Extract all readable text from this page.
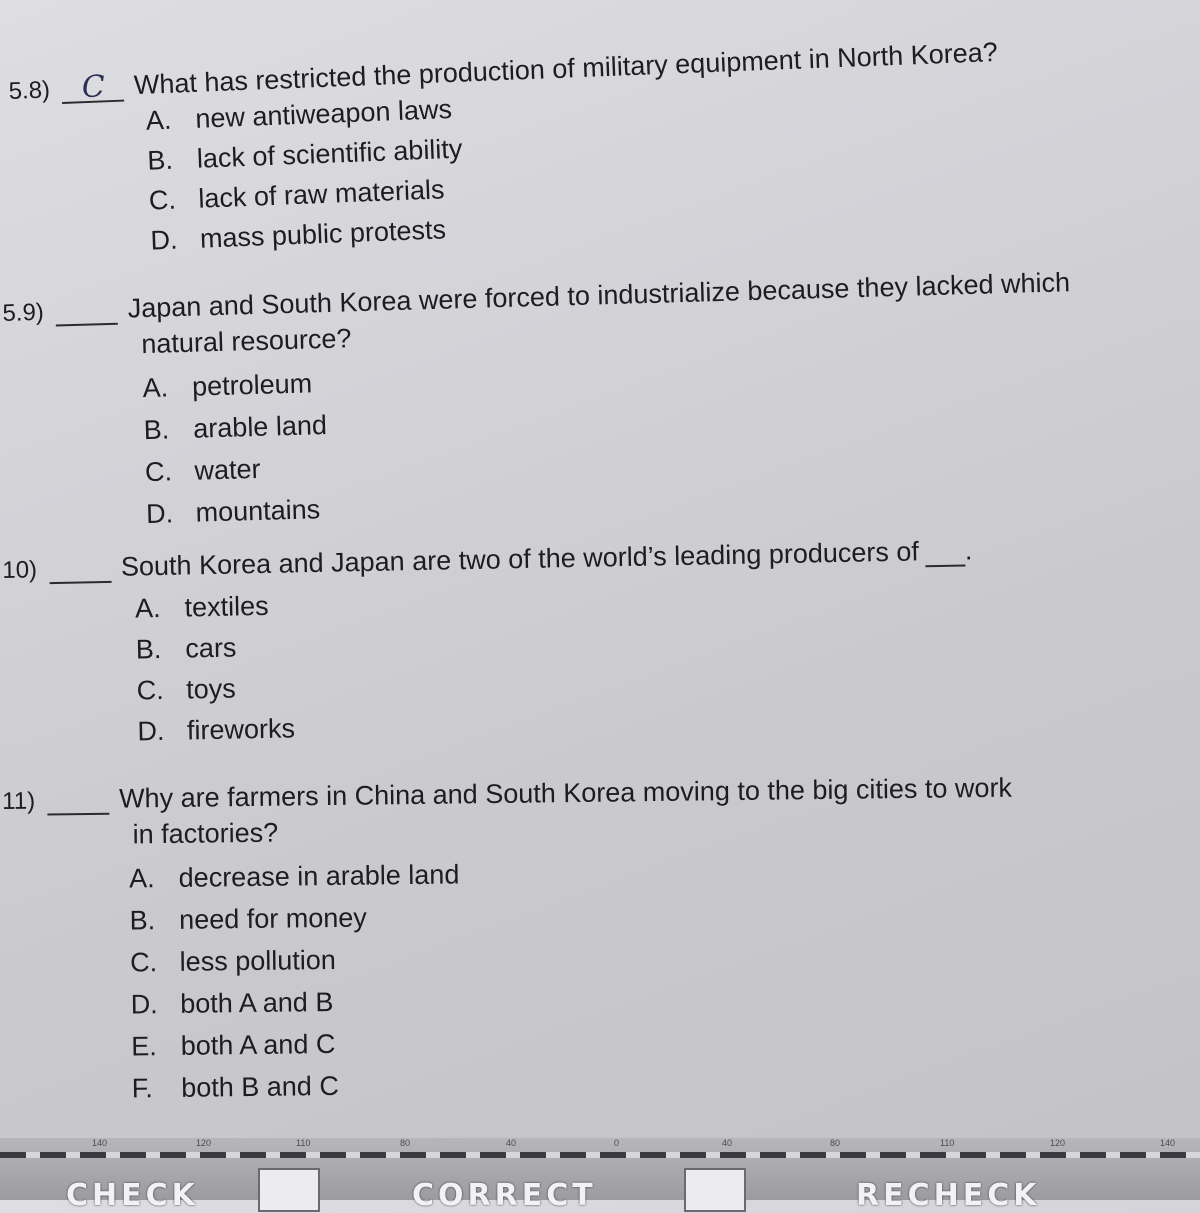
5.8) C What has restricted the production of military equipment in North Korea?
A. new antiweapon laws
B. lack of scientific ability
C. lack of raw materials
D. mass public protests
5.9)	Japan and South Korea were forced to industrialize because they lacked which
natural resource?
A. petroleum
B. arable land
C. water
D. mountains
10)	South Korea and Japan are two of the world’s leading producers of .
A. textiles
B. cars
C. toys
D. fireworks
11)	Why are farmers in China and South Korea moving to the big cities to work
in factories?
A. decrease in arable land
B. need for money
C. less pollution
D. both A and B
E. both A and C
F. both B and C
140	120	110	80	40	0	40	80	110	120	140
CHECK	CORRECT	RECHECK
